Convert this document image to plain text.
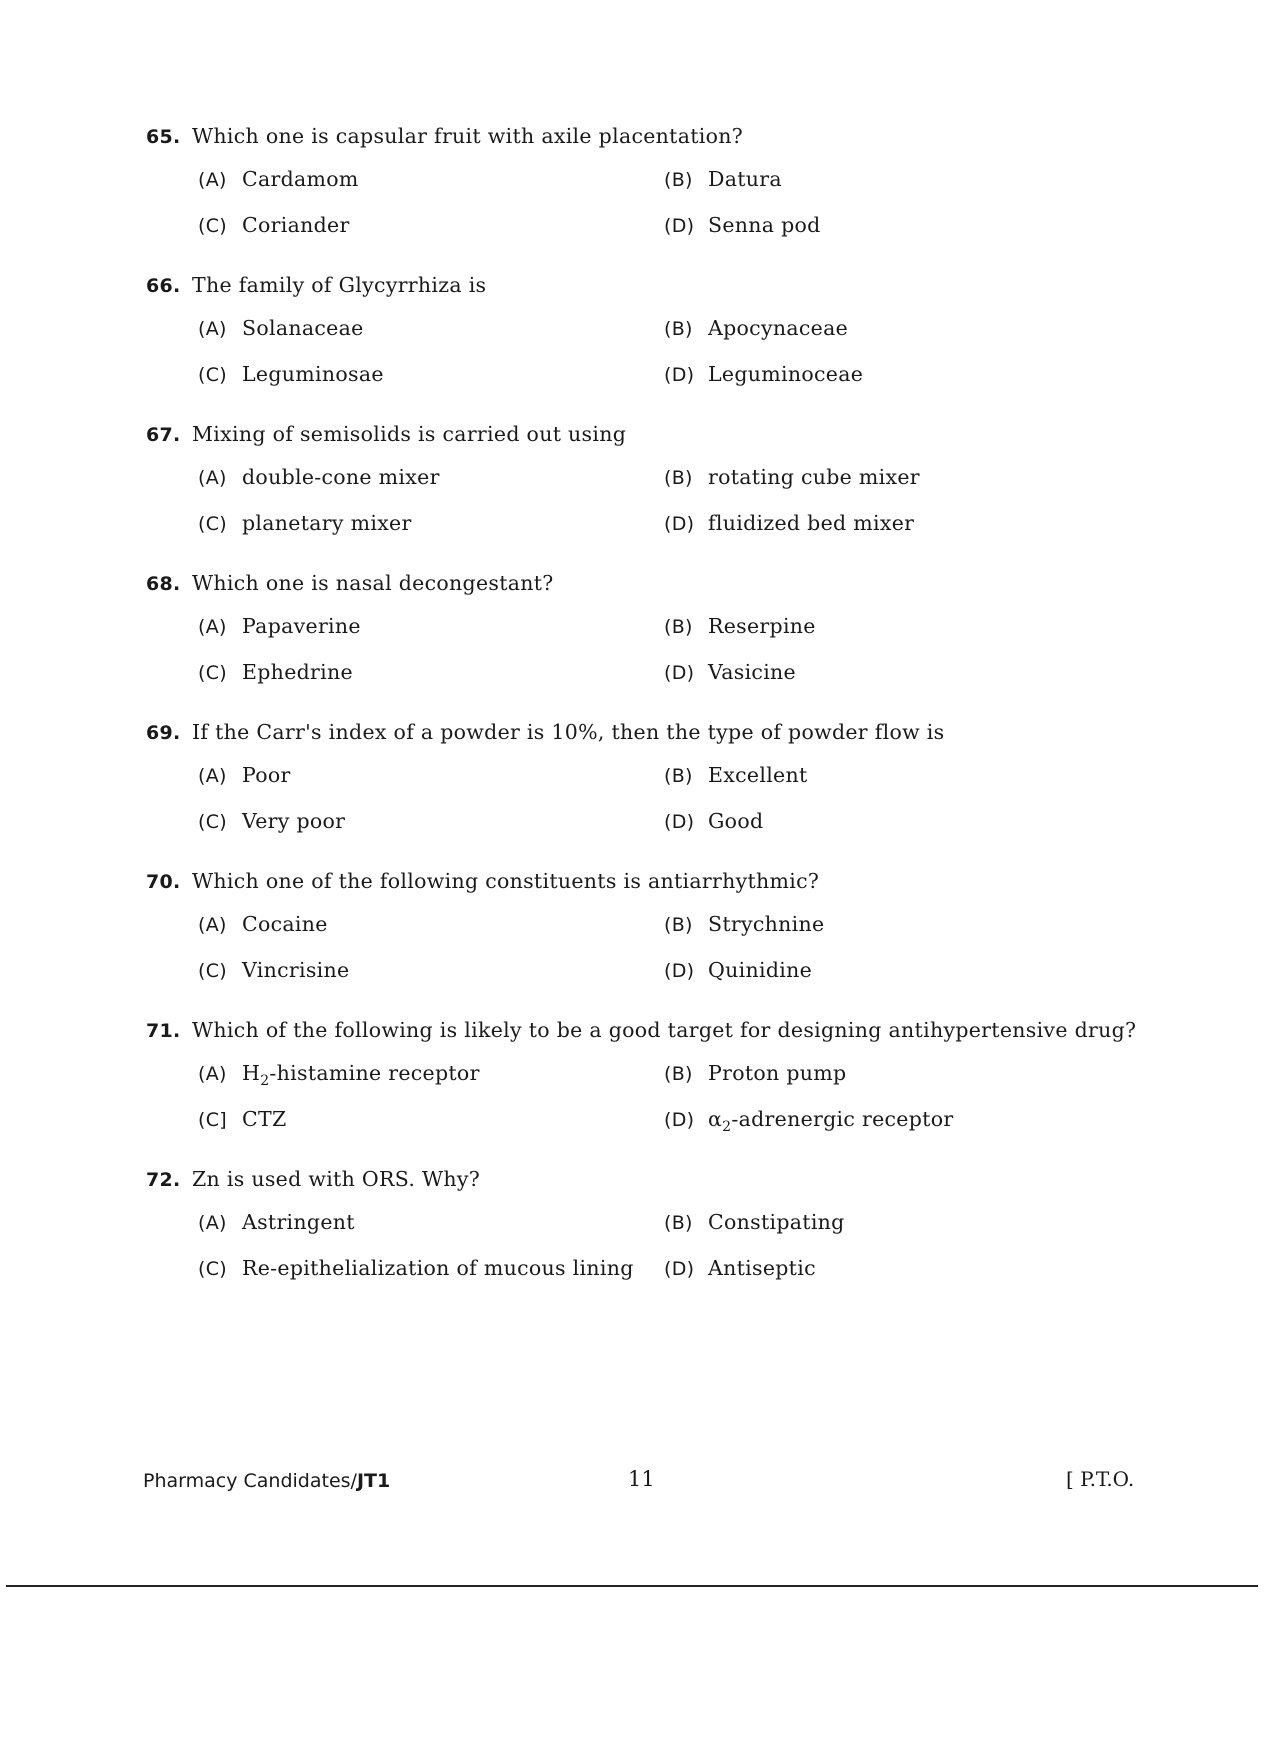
65. Which one is capsular fruit with axile placentation?
(A) Cardamom	(B) Datura
(C) Coriander	(D) Senna pod
66. The family of Glycyrrhiza is
(A) Solanaceae	(B) Apocynaceae
(C) Leguminosae	(D) Leguminoceae
67. Mixing of semisolids is carried out using
(A) double-cone mixer	(B) rotating cube mixer
(C) planetary mixer	(D) fluidized bed mixer
68. Which one is nasal decongestant?
(A) Papaverine	(B) Reserpine
(C) Ephedrine	(D) Vasicine
69. If the Carr's index of a powder is 10%, then the type of powder flow is
(A) Poor	(B) Excellent
(C) Very poor	(D) Good
70. Which one of the following constituents is antiarrhythmic?
(A) Cocaine	(B) Strychnine
(C) Vincrisine	(D) Quinidine
71. Which of the following is likely to be a good target for designing antihypertensive drug?
(A) $H_2$-histamine receptor	(B) Proton pump
(C] CTZ	(D) $\alpha_2$-adrenergic receptor
72. Zn is used with ORS. Why?
(A) Astringent	(B) Constipating
(C) Re-epithelialization of mucous lining (D) Antiseptic
Pharmacy Candidates/JT1	11	[ P.T.O.
